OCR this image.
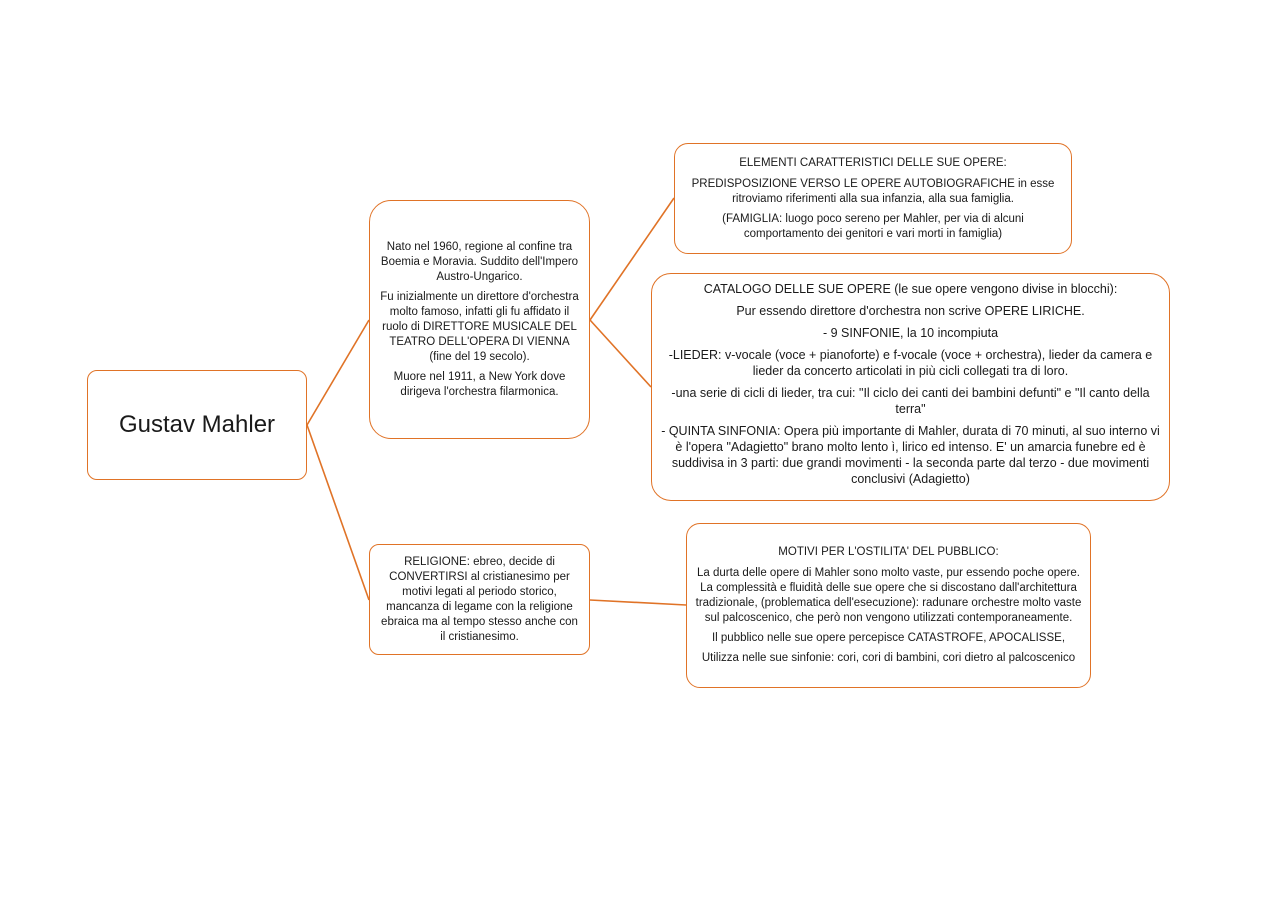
Gustav Mahler

Nato nel 1960, regione al confine tra Boemia e Moravia. Suddito dell'Impero Austro-Ungarico.

Fu inizialmente un direttore d'orchestra molto famoso, infatti gli fu affidato il ruolo di DIRETTORE MUSICALE DEL TEATRO DELL'OPERA DI VIENNA (fine del 19 secolo).

Muore nel 1911, a New York dove dirigeva l'orchestra filarmonica.

RELIGIONE: ebreo, decide di CONVERTIRSI al cristianesimo per motivi legati al periodo storico, mancanza di legame con la religione ebraica ma al tempo stesso anche con il cristianesimo.

ELEMENTI CARATTERISTICI DELLE SUE OPERE:

PREDISPOSIZIONE VERSO LE OPERE AUTOBIOGRAFICHE in esse ritroviamo riferimenti alla sua infanzia, alla sua famiglia.

(FAMIGLIA: luogo poco sereno per Mahler, per via di alcuni comportamento dei genitori e vari morti in famiglia)

CATALOGO DELLE SUE OPERE (le sue opere vengono divise in blocchi):

Pur essendo direttore d'orchestra non scrive OPERE LIRICHE.

- 9 SINFONIE, la 10 incompiuta

-LIEDER: v-vocale (voce + pianoforte) e f-vocale (voce + orchestra), lieder da camera e lieder da concerto articolati in più cicli collegati tra di loro.

-una serie di cicli di lieder, tra cui: "Il ciclo dei canti dei bambini defunti" e "Il canto della terra"

- QUINTA SINFONIA: Opera più importante di Mahler, durata di 70 minuti, al suo interno vi è l'opera "Adagietto" brano molto lento ì, lirico ed intenso. E' un amarcia funebre ed è suddivisa in 3 parti: due grandi movimenti - la seconda parte dal terzo - due movimenti conclusivi (Adagietto)

MOTIVI PER L'OSTILITA' DEL PUBBLICO:

La durta delle opere di Mahler sono molto vaste, pur essendo poche opere. La complessità e fluidità delle sue opere che si discostano dall'architettura tradizionale, (problematica dell'esecuzione): radunare orchestre molto vaste sul palcoscenico, che però non vengono utilizzati contemporaneamente.

Il pubblico nelle sue opere percepisce CATASTROFE, APOCALISSE,

Utilizza nelle sue sinfonie: cori, cori di bambini, cori dietro al palcoscenico
